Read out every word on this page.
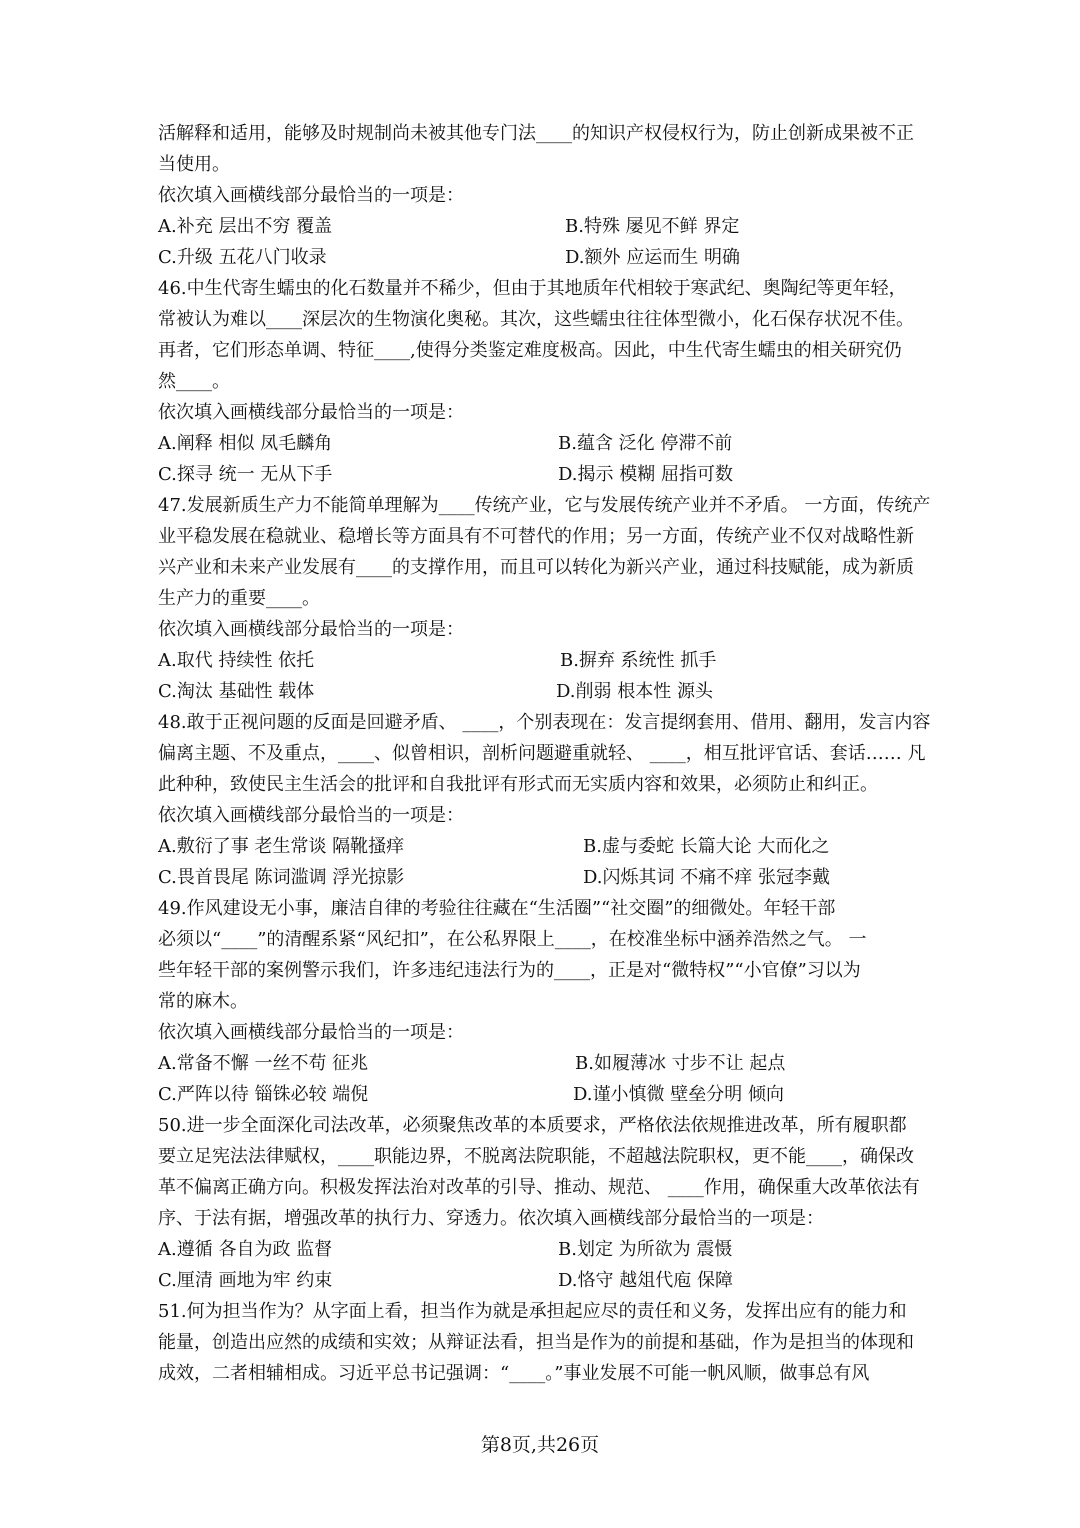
活解释和适用，能够及时规制尚未被其他专门法____的知识产权侵权行为，防止创新成果被不正
当使用。
依次填入画横线部分最恰当的一项是：
A.补充 层出不穷 覆盖	B.特殊 屡见不鲜 界定
C.升级 五花八门收录	D.额外 应运而生 明确
46.中生代寄生蠕虫的化石数量并不稀少，但由于其地质年代相较于寒武纪、奥陶纪等更年轻，
常被认为难以____深层次的生物演化奥秘。其次，这些蠕虫往往体型微小，化石保存状况不佳。
再者，它们形态单调、特征____,使得分类鉴定难度极高。因此，中生代寄生蠕虫的相关研究仍
然____。
依次填入画横线部分最恰当的一项是：
A.阐释 相似 凤毛麟角	B.蕴含 泛化 停滞不前
C.探寻 统一 无从下手	D.揭示 模糊 屈指可数
47.发展新质生产力不能简单理解为____传统产业，它与发展传统产业并不矛盾。 一方面，传统产
业平稳发展在稳就业、稳增长等方面具有不可替代的作用；另一方面，传统产业不仅对战略性新
兴产业和未来产业发展有____的支撑作用，而且可以转化为新兴产业，通过科技赋能，成为新质
生产力的重要____。
依次填入画横线部分最恰当的一项是：
A.取代 持续性 依托	B.摒弃 系统性 抓手
C.淘汰 基础性 载体	D.削弱 根本性 源头
48.敢于正视问题的反面是回避矛盾、 ____，个别表现在：发言提纲套用、借用、翻用，发言内容
偏离主题、不及重点，____、似曾相识，剖析问题避重就轻、 ____，相互批评官话、套话…… 凡
此种种，致使民主生活会的批评和自我批评有形式而无实质内容和效果，必须防止和纠正。
依次填入画横线部分最恰当的一项是：
A.敷衍了事 老生常谈 隔靴搔痒	B.虚与委蛇 长篇大论 大而化之
C.畏首畏尾 陈词滥调 浮光掠影	D.闪烁其词 不痛不痒 张冠李戴
49.作风建设无小事，廉洁自律的考验往往藏在“生活圈”“社交圈”的细微处。年轻干部
必须以“____”的清醒系紧“风纪扣”，在公私界限上____，在校准坐标中涵养浩然之气。 一
些年轻干部的案例警示我们，许多违纪违法行为的____，正是对“微特权”“小官僚”习以为
常的麻木。
依次填入画横线部分最恰当的一项是：
A.常备不懈 一丝不苟 征兆	B.如履薄冰 寸步不让 起点
C.严阵以待 锱铢必较 端倪	D.谨小慎微 壁垒分明 倾向
50.进一步全面深化司法改革，必须聚焦改革的本质要求，严格依法依规推进改革，所有履职都
要立足宪法法律赋权，____职能边界，不脱离法院职能，不超越法院职权，更不能____，确保改
革不偏离正确方向。积极发挥法治对改革的引导、推动、规范、 ____作用，确保重大改革依法有
序、于法有据，增强改革的执行力、穿透力。依次填入画横线部分最恰当的一项是：
A.遵循 各自为政 监督	B.划定 为所欲为 震慑
C.厘清 画地为牢 约束	D.恪守 越俎代庖 保障
51.何为担当作为？从字面上看，担当作为就是承担起应尽的责任和义务，发挥出应有的能力和
能量，创造出应然的成绩和实效；从辩证法看，担当是作为的前提和基础，作为是担当的体现和
成效，二者相辅相成。习近平总书记强调：“____。”事业发展不可能一帆风顺，做事总有风
第8页,共26页
